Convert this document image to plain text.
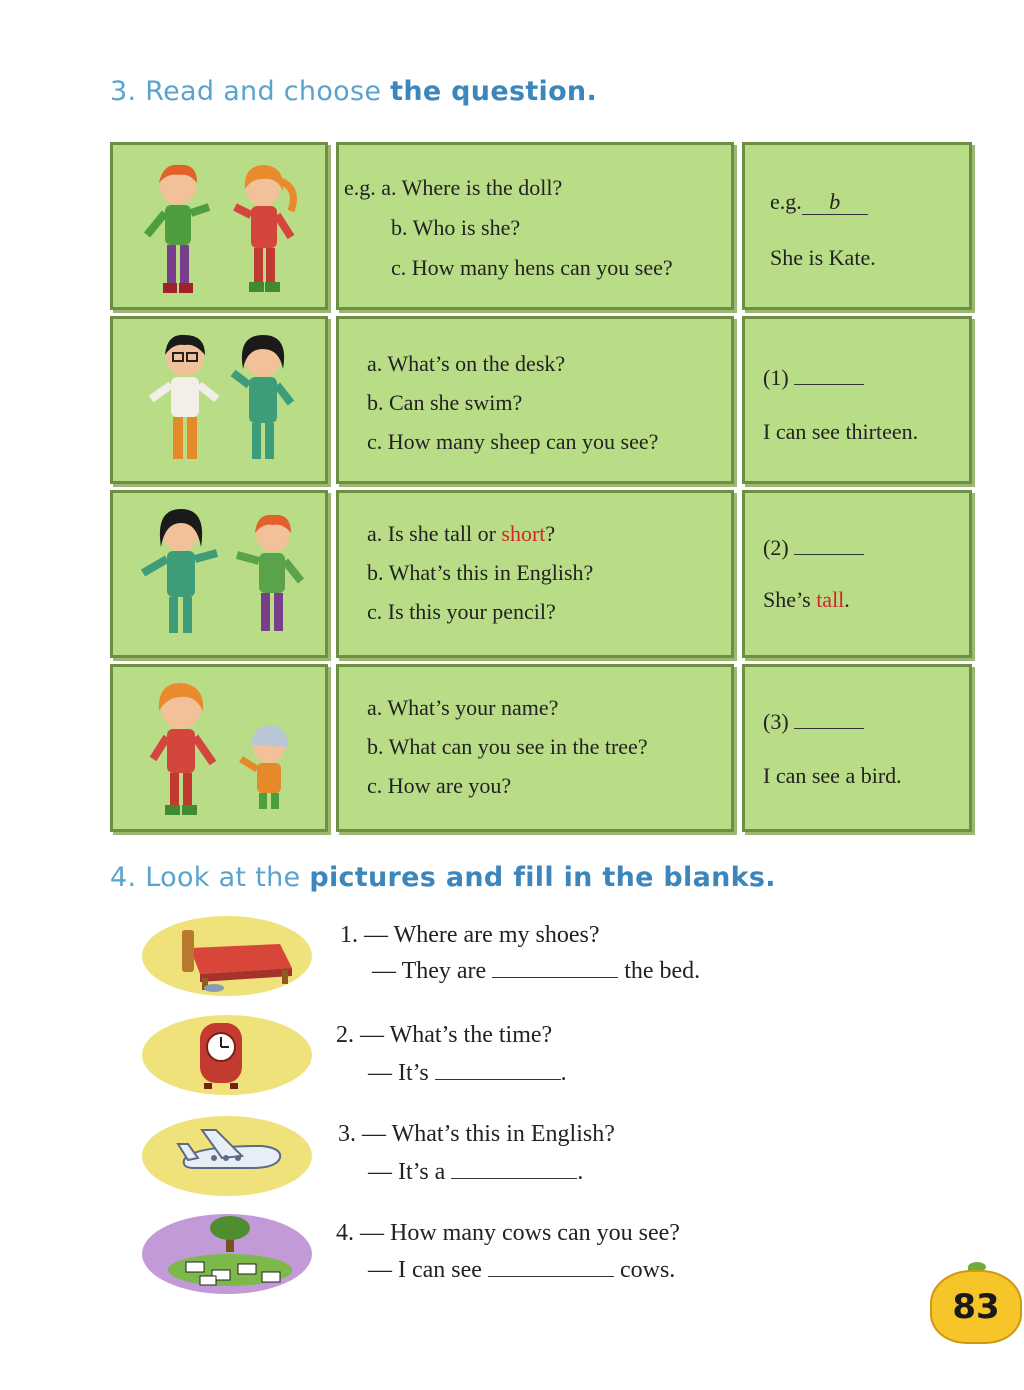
3. Read and choose the question.
e.g. a. Where is the doll?
b. Who is she?
c. How many hens can you see?
e.g. b
She is Kate.
a. What’s on the desk?
b. Can she swim?
c. How many sheep can you see?
(1)
I can see thirteen.
a. Is she tall or short?
b. What’s this in English?
c. Is this your pencil?
(2)
She’s tall.
a. What’s your name?
b. What can you see in the tree?
c. How are you?
(3)
I can see a bird.
4. Look at the pictures and fill in the blanks.
1. — Where are my shoes?
— They are	the bed.
2. — What’s the time?
— It’s	.
3. — What’s this in English?
— It’s a	.
4. — How many cows can you see?
— I can see	cows.
83
